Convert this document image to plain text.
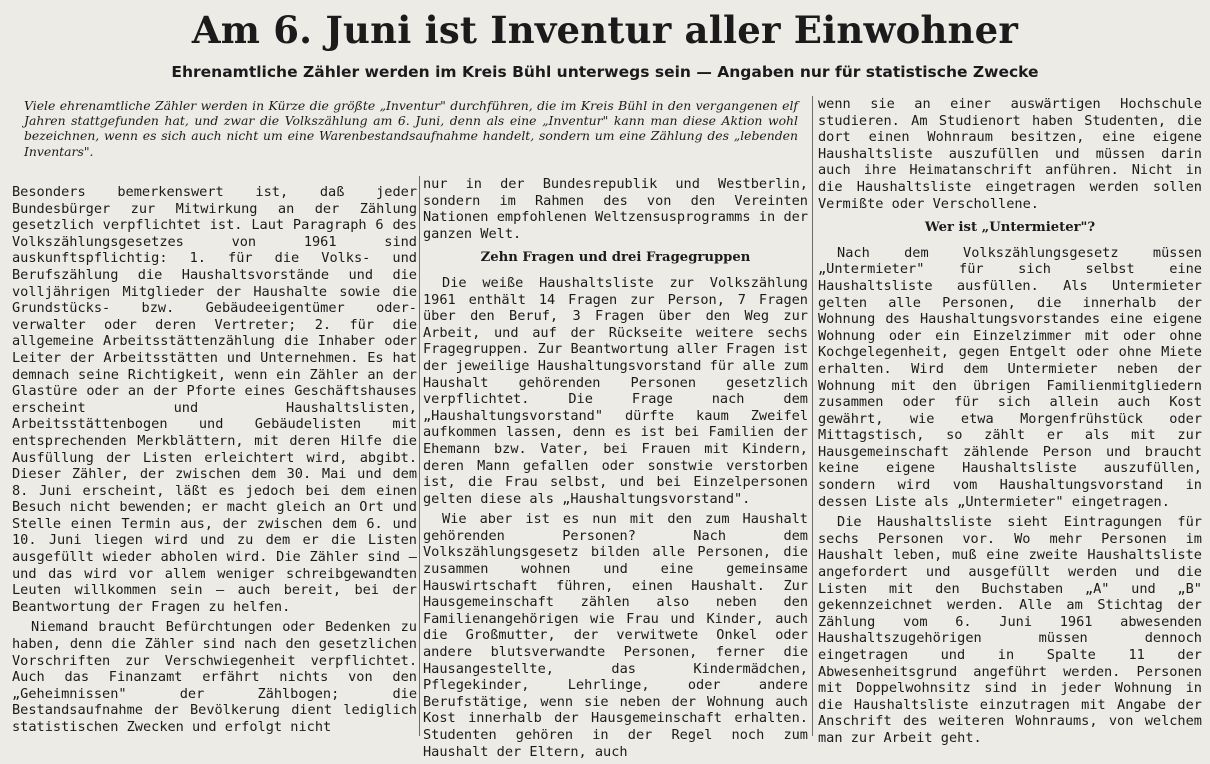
Am 6. Juni ist Inventur aller Einwohner
Ehrenamtliche Zähler werden im Kreis Bühl unterwegs sein — Angaben nur für statistische Zwecke

Viele ehrenamtliche Zähler werden in Kürze die größte „Inventur" durchführen, die im Kreis Bühl in den vergangenen elf Jahren stattgefunden hat, und zwar die Volkszählung am 6. Juni, denn als eine „Inventur" kann man diese Aktion wohl bezeichnen, wenn es sich auch nicht um eine Warenbestandsaufnahme handelt, sondern um eine Zählung des „lebenden Inventars".

Besonders bemerkenswert ist, daß jeder Bundesbürger zur Mitwirkung an der Zählung gesetzlich verpflichtet ist. Laut Paragraph 6 des Volkszählungsgesetzes von 1961 sind auskunftspflichtig: 1. für die Volks- und Berufszählung die Haushaltsvorstände und die volljährigen Mitglieder der Haushalte sowie die Grundstücks- bzw. Gebäudeeigentümer oder- verwalter oder deren Vertreter; 2. für die allgemeine Arbeitsstättenzählung die Inhaber oder Leiter der Arbeitsstätten und Unternehmen. Es hat demnach seine Richtigkeit, wenn ein Zähler an der Glastüre oder an der Pforte eines Geschäftshauses erscheint und Haushaltslisten, Arbeitsstättenbogen und Gebäudelisten mit entsprechenden Merkblättern, mit deren Hilfe die Ausfüllung der Listen erleichtert wird, abgibt. Dieser Zähler, der zwischen dem 30. Mai und dem 8. Juni erscheint, läßt es jedoch bei dem einen Besuch nicht bewenden; er macht gleich an Ort und Stelle einen Termin aus, der zwischen dem 6. und 10. Juni liegen wird und zu dem er die Listen ausgefüllt wieder abholen wird. Die Zähler sind — und das wird vor allem weniger schreibgewandten Leuten willkommen sein — auch bereit, bei der Beantwortung der Fragen zu helfen.

Niemand braucht Befürchtungen oder Bedenken zu haben, denn die Zähler sind nach den gesetzlichen Vorschriften zur Verschwiegenheit verpflichtet. Auch das Finanzamt erfährt nichts von den „Geheimnissen" der Zählbogen; die Bestandsaufnahme der Bevölkerung dient lediglich statistischen Zwecken und erfolgt nicht

nur in der Bundesrepublik und Westberlin, sondern im Rahmen des von den Vereinten Nationen empfohlenen Weltzensusprogramms in der ganzen Welt.

Zehn Fragen und drei Fragegruppen

Die weiße Haushaltsliste zur Volkszählung 1961 enthält 14 Fragen zur Person, 7 Fragen über den Beruf, 3 Fragen über den Weg zur Arbeit, und auf der Rückseite weitere sechs Fragegruppen. Zur Beantwortung aller Fragen ist der jeweilige Haushaltungsvorstand für alle zum Haushalt gehörenden Personen gesetzlich verpflichtet. Die Frage nach dem „Haushaltungsvorstand" dürfte kaum Zweifel aufkommen lassen, denn es ist bei Familien der Ehemann bzw. Vater, bei Frauen mit Kindern, deren Mann gefallen oder sonstwie verstorben ist, die Frau selbst, und bei Einzelpersonen gelten diese als „Haushaltungsvorstand".

Wie aber ist es nun mit den zum Haushalt gehörenden Personen? Nach dem Volkszählungsgesetz bilden alle Personen, die zusammen wohnen und eine gemeinsame Hauswirtschaft führen, einen Haushalt. Zur Hausgemeinschaft zählen also neben den Familienangehörigen wie Frau und Kinder, auch die Großmutter, der verwitwete Onkel oder andere blutsverwandte Personen, ferner die Hausangestellte, das Kindermädchen, Pflegekinder, Lehrlinge, oder andere Berufstätige, wenn sie neben der Wohnung auch Kost innerhalb der Hausgemeinschaft erhalten. Studenten gehören in der Regel noch zum Haushalt der Eltern, auch

wenn sie an einer auswärtigen Hochschule studieren. Am Studienort haben Studenten, die dort einen Wohnraum besitzen, eine eigene Haushaltsliste auszufüllen und müssen darin auch ihre Heimatanschrift anführen. Nicht in die Haushaltsliste eingetragen werden sollen Vermißte oder Verschollene.

Wer ist „Untermieter"?

Nach dem Volkszählungsgesetz müssen „Untermieter" für sich selbst eine Haushaltsliste ausfüllen. Als Untermieter gelten alle Personen, die innerhalb der Wohnung des Haushaltungsvorstandes eine eigene Wohnung oder ein Einzelzimmer mit oder ohne Kochgelegenheit, gegen Entgelt oder ohne Miete erhalten. Wird dem Untermieter neben der Wohnung mit den übrigen Familienmitgliedern zusammen oder für sich allein auch Kost gewährt, wie etwa Morgenfrühstück oder Mittagstisch, so zählt er als mit zur Hausgemeinschaft zählende Person und braucht keine eigene Haushaltsliste auszufüllen, sondern wird vom Haushaltungsvorstand in dessen Liste als „Untermieter" eingetragen.

Die Haushaltsliste sieht Eintragungen für sechs Personen vor. Wo mehr Personen im Haushalt leben, muß eine zweite Haushaltsliste angefordert und ausgefüllt werden und die Listen mit den Buchstaben „A" und „B" gekennzeichnet werden. Alle am Stichtag der Zählung vom 6. Juni 1961 abwesenden Haushaltszugehörigen müssen dennoch eingetragen und in Spalte 11 der Abwesenheitsgrund angeführt werden. Personen mit Doppelwohnsitz sind in jeder Wohnung in die Haushaltsliste einzutragen mit Angabe der Anschrift des weiteren Wohnraums, von welchem man zur Arbeit geht.
